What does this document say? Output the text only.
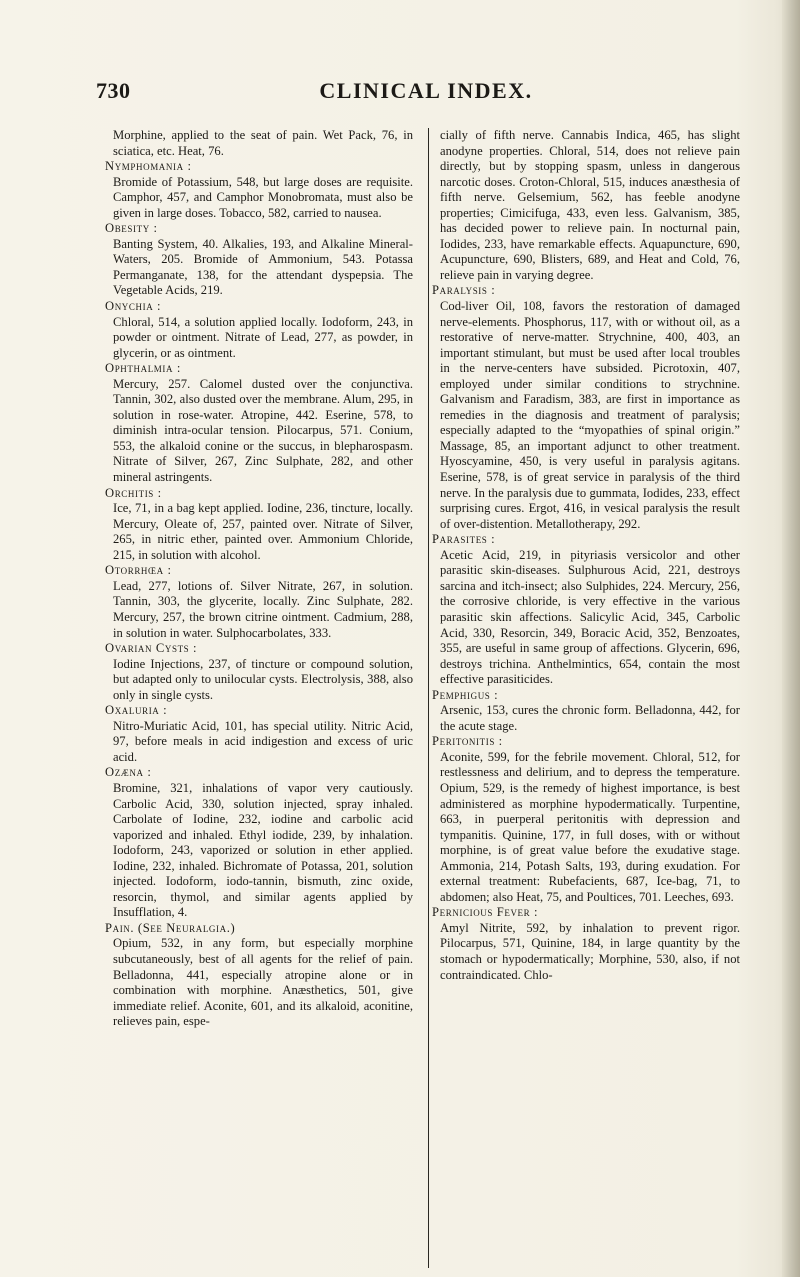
730	CLINICAL INDEX.
Morphine, applied to the seat of pain. Wet Pack, 76, in sciatica, etc. Heat, 76.
Nymphomania :
Bromide of Potassium, 548, but large doses are requisite. Camphor, 457, and Camphor Monobromata, must also be given in large doses. Tobacco, 582, carried to nausea.
Obesity :
Banting System, 40. Alkalies, 193, and Alkaline Mineral-Waters, 205. Bromide of Ammonium, 543. Potassa Permanganate, 138, for the attendant dyspepsia. The Vegetable Acids, 219.
Onychia :
Chloral, 514, a solution applied locally. Iodoform, 243, in powder or ointment. Nitrate of Lead, 277, as powder, in glycerin, or as ointment.
Ophthalmia :
Mercury, 257. Calomel dusted over the conjunctiva. Tannin, 302, also dusted over the membrane. Alum, 295, in solution in rose-water. Atropine, 442. Eserine, 578, to diminish intra-ocular tension. Pilocarpus, 571. Conium, 553, the alkaloid conine or the succus, in blepharospasm. Nitrate of Silver, 267, Zinc Sulphate, 282, and other mineral astringents.
Orchitis :
Ice, 71, in a bag kept applied. Iodine, 236, tincture, locally. Mercury, Oleate of, 257, painted over. Nitrate of Silver, 265, in nitric ether, painted over. Ammonium Chloride, 215, in solution with alcohol.
Otorrhœa :
Lead, 277, lotions of. Silver Nitrate, 267, in solution. Tannin, 303, the glycerite, locally. Zinc Sulphate, 282. Mercury, 257, the brown citrine ointment. Cadmium, 288, in solution in water. Sulphocarbolates, 333.
Ovarian Cysts :
Iodine Injections, 237, of tincture or compound solution, but adapted only to unilocular cysts. Electrolysis, 388, also only in single cysts.
Oxaluria :
Nitro-Muriatic Acid, 101, has special utility. Nitric Acid, 97, before meals in acid indigestion and excess of uric acid.
Ozæna :
Bromine, 321, inhalations of vapor very cautiously. Carbolic Acid, 330, solution injected, spray inhaled. Carbolate of Iodine, 232, iodine and carbolic acid vaporized and inhaled. Ethyl iodide, 239, by inhalation. Iodoform, 243, vaporized or solution in ether applied. Iodine, 232, inhaled. Bichromate of Potassa, 201, solution injected. Iodoform, iodo-tannin, bismuth, zinc oxide, resorcin, thymol, and similar agents applied by Insufflation, 4.
Pain. (See Neuralgia.)
Opium, 532, in any form, but especially morphine subcutaneously, best of all agents for the relief of pain. Belladonna, 441, especially atropine alone or in combination with morphine. Anæsthetics, 501, give immediate relief. Aconite, 601, and its alkaloid, aconitine, relieves pain, espe-
cially of fifth nerve. Cannabis Indica, 465, has slight anodyne properties. Chloral, 514, does not relieve pain directly, but by stopping spasm, unless in dangerous narcotic doses. Croton-Chloral, 515, induces anæsthesia of fifth nerve. Gelsemium, 562, has feeble anodyne properties; Cimicifuga, 433, even less. Galvanism, 385, has decided power to relieve pain. In nocturnal pain, Iodides, 233, have remarkable effects. Aquapuncture, 690, Acupuncture, 690, Blisters, 689, and Heat and Cold, 76, relieve pain in varying degree.
Paralysis :
Cod-liver Oil, 108, favors the restoration of damaged nerve-elements. Phosphorus, 117, with or without oil, as a restorative of nerve-matter. Strychnine, 400, 403, an important stimulant, but must be used after local troubles in the nerve-centers have subsided. Picrotoxin, 407, employed under similar conditions to strychnine. Galvanism and Faradism, 383, are first in importance as remedies in the diagnosis and treatment of paralysis; especially adapted to the “myopathies of spinal origin.” Massage, 85, an important adjunct to other treatment. Hyoscyamine, 450, is very useful in paralysis agitans. Eserine, 578, is of great service in paralysis of the third nerve. In the paralysis due to gummata, Iodides, 233, effect surprising cures. Ergot, 416, in vesical paralysis the result of over-distention. Metallotherapy, 292.
Parasites :
Acetic Acid, 219, in pityriasis versicolor and other parasitic skin-diseases. Sulphurous Acid, 221, destroys sarcina and itch-insect; also Sulphides, 224. Mercury, 256, the corrosive chloride, is very effective in the various parasitic skin affections. Salicylic Acid, 345, Carbolic Acid, 330, Resorcin, 349, Boracic Acid, 352, Benzoates, 355, are useful in same group of affections. Glycerin, 696, destroys trichina. Anthelmintics, 654, contain the most effective parasiticides.
Pemphigus :
Arsenic, 153, cures the chronic form. Belladonna, 442, for the acute stage.
Peritonitis :
Aconite, 599, for the febrile movement. Chloral, 512, for restlessness and delirium, and to depress the temperature. Opium, 529, is the remedy of highest importance, is best administered as morphine hypodermatically. Turpentine, 663, in puerperal peritonitis with depression and tympanitis. Quinine, 177, in full doses, with or without morphine, is of great value before the exudative stage. Ammonia, 214, Potash Salts, 193, during exudation. For external treatment: Rubefacients, 687, Ice-bag, 71, to abdomen; also Heat, 75, and Poultices, 701. Leeches, 693.
Pernicious Fever :
Amyl Nitrite, 592, by inhalation to prevent rigor. Pilocarpus, 571, Quinine, 184, in large quantity by the stomach or hypodermatically; Morphine, 530, also, if not contraindicated. Chlo-
